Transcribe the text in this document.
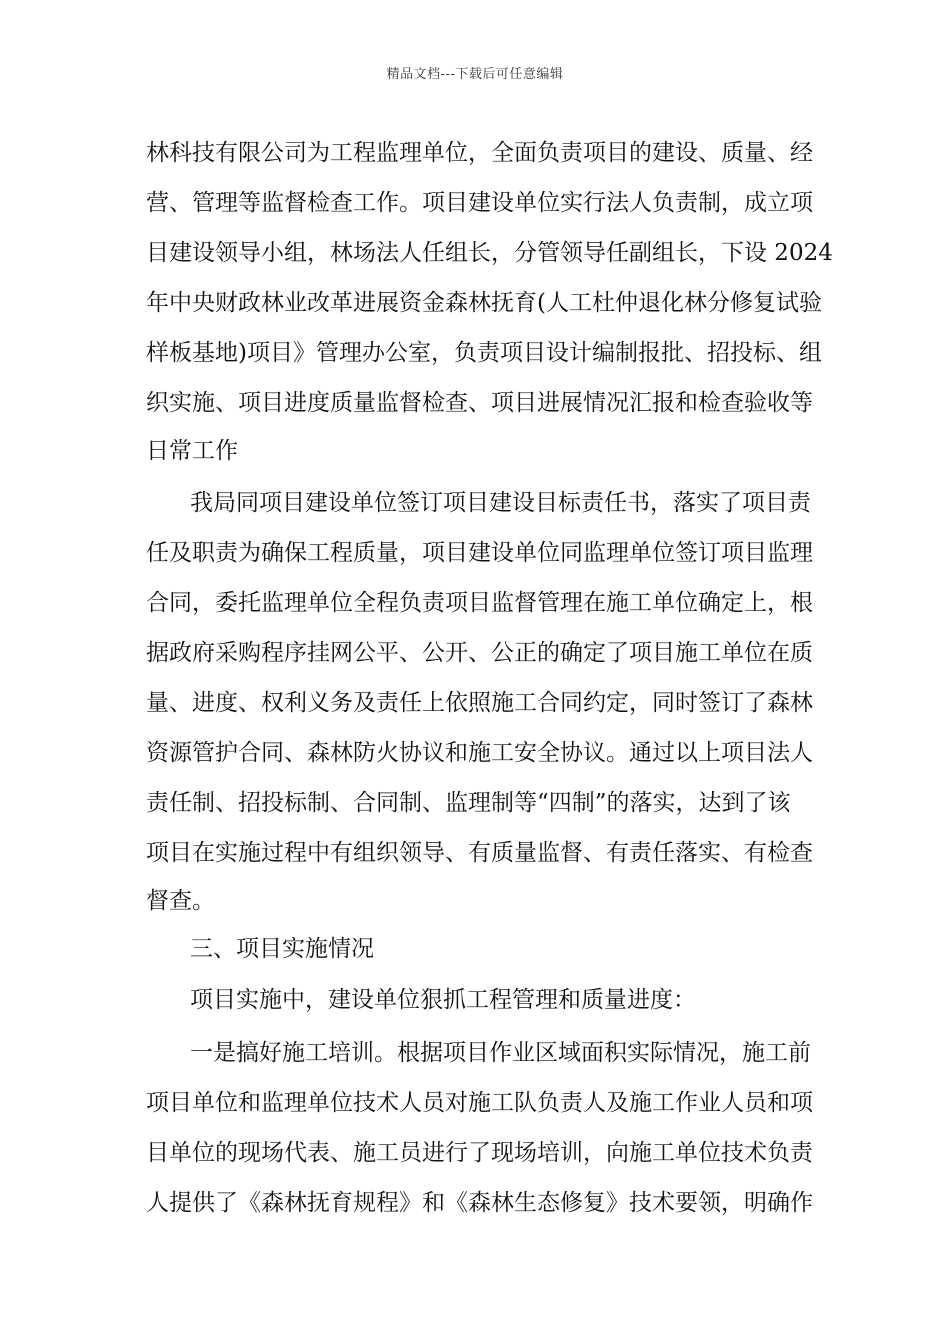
精品文档---下载后可任意编辑
林科技有限公司为工程监理单位，全面负责项目的建设、质量、经
营、管理等监督检查工作。项目建设单位实行法人负责制，成立项
目建设领导小组，林场法人任组长，分管领导任副组长，下设 2024
年中央财政林业改革进展资金森林抚育(人工杜仲退化林分修复试验
样板基地)项目》管理办公室，负责项目设计编制报批、招投标、组
织实施、项目进度质量监督检查、项目进展情况汇报和检查验收等
日常工作
我局同项目建设单位签订项目建设目标责任书，落实了项目责
任及职责为确保工程质量，项目建设单位同监理单位签订项目监理
合同，委托监理单位全程负责项目监督管理在施工单位确定上，根
据政府采购程序挂网公平、公开、公正的确定了项目施工单位在质
量、进度、权利义务及责任上依照施工合同约定，同时签订了森林
资源管护合同、森林防火协议和施工安全协议。通过以上项目法人
责任制、招投标制、合同制、监理制等“四制”的落实，达到了该
项目在实施过程中有组织领导、有质量监督、有责任落实、有检查
督查。
三、项目实施情况
项目实施中，建设单位狠抓工程管理和质量进度：
一是搞好施工培训。根据项目作业区域面积实际情况，施工前
项目单位和监理单位技术人员对施工队负责人及施工作业人员和项
目单位的现场代表、施工员进行了现场培训，向施工单位技术负责
人提供了《森林抚育规程》和《森林生态修复》技术要领，明确作
